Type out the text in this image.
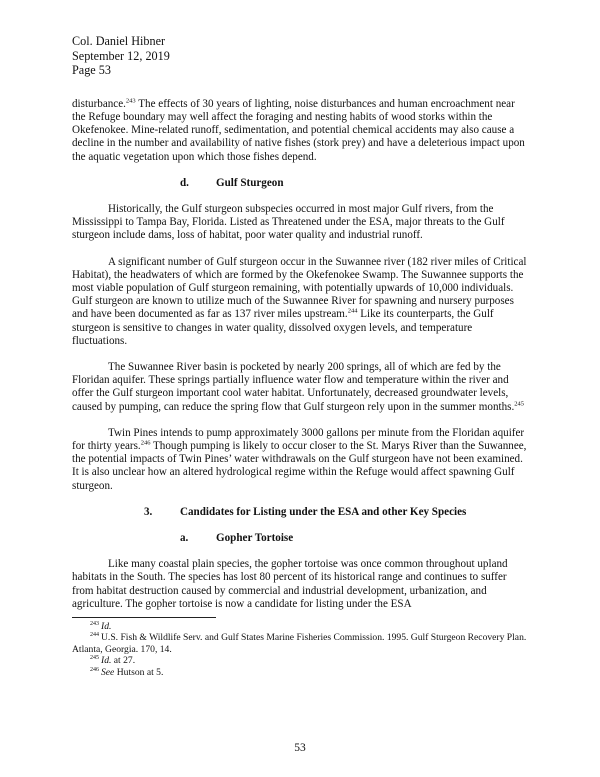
Col. Daniel Hibner
September 12, 2019
Page 53

disturbance.$^{243}$ The effects of 30 years of lighting, noise disturbances and human encroachment near the Refuge boundary may well affect the foraging and nesting habits of wood storks within the Okefenokee. Mine-related runoff, sedimentation, and potential chemical accidents may also cause a decline in the number and availability of native fishes (stork prey) and have a deleterious impact upon the aquatic vegetation upon which those fishes depend.

d. Gulf Sturgeon

Historically, the Gulf sturgeon subspecies occurred in most major Gulf rivers, from the Mississippi to Tampa Bay, Florida. Listed as Threatened under the ESA, major threats to the Gulf sturgeon include dams, loss of habitat, poor water quality and industrial runoff.

A significant number of Gulf sturgeon occur in the Suwannee river (182 river miles of Critical Habitat), the headwaters of which are formed by the Okefenokee Swamp. The Suwannee supports the most viable population of Gulf sturgeon remaining, with potentially upwards of 10,000 individuals. Gulf sturgeon are known to utilize much of the Suwannee River for spawning and nursery purposes and have been documented as far as 137 river miles upstream.$^{244}$ Like its counterparts, the Gulf sturgeon is sensitive to changes in water quality, dissolved oxygen levels, and temperature fluctuations.

The Suwannee River basin is pocketed by nearly 200 springs, all of which are fed by the Floridan aquifer. These springs partially influence water flow and temperature within the river and offer the Gulf sturgeon important cool water habitat. Unfortunately, decreased groundwater levels, caused by pumping, can reduce the spring flow that Gulf sturgeon rely upon in the summer months.$^{245}$

Twin Pines intends to pump approximately 3000 gallons per minute from the Floridan aquifer for thirty years.$^{246}$ Though pumping is likely to occur closer to the St. Marys River than the Suwannee, the potential impacts of Twin Pines’ water withdrawals on the Gulf sturgeon have not been examined. It is also unclear how an altered hydrological regime within the Refuge would affect spawning Gulf sturgeon.

3. Candidates for Listing under the ESA and other Key Species
a. Gopher Tortoise

Like many coastal plain species, the gopher tortoise was once common throughout upland habitats in the South. The species has lost 80 percent of its historical range and continues to suffer from habitat destruction caused by commercial and industrial development, urbanization, and agriculture. The gopher tortoise is now a candidate for listing under the ESA

$^{243}$ Id.
$^{244}$ U.S. Fish & Wildlife Serv. and Gulf States Marine Fisheries Commission. 1995. Gulf Sturgeon Recovery Plan. Atlanta, Georgia. 170, 14.
$^{245}$ Id. at 27.
$^{246}$ See Hutson at 5.
53
